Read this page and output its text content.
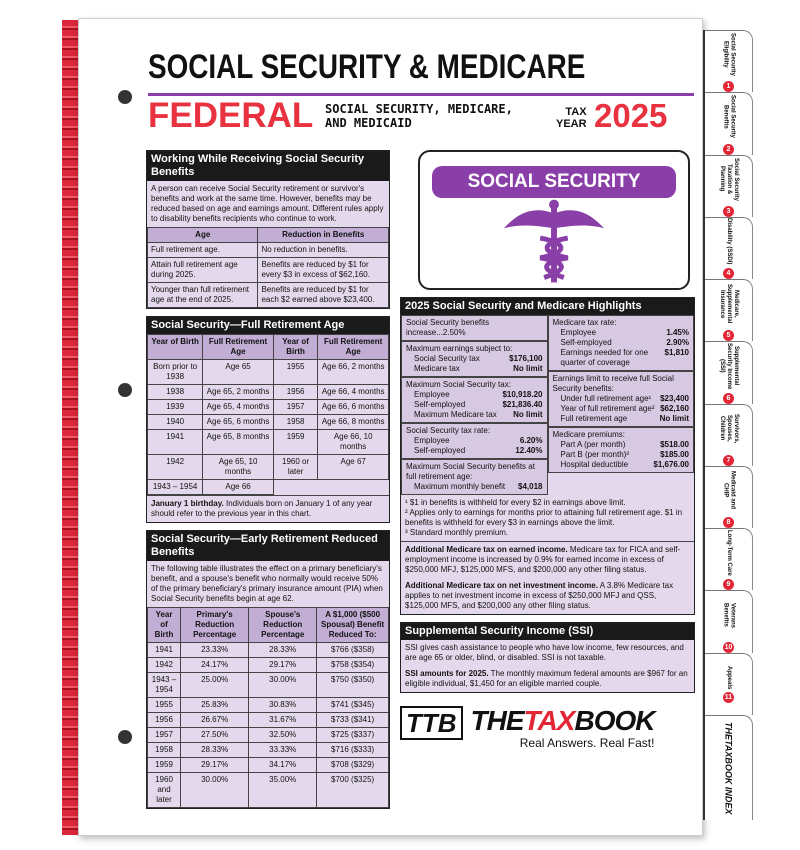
SOCIAL SECURITY & MEDICARE
FEDERAL SOCIAL SECURITY, MEDICARE,
AND MEDICAID
TAX
YEAR 2025
Working While Receiving Social Security Benefits
A person can receive Social Security retirement or survivor's benefits and work at the same time. However, benefits may be reduced based on age and earnings amount. Different rules apply to disability benefits recipients who continue to work.
Age	Reduction in Benefits
Full retirement age.	No reduction in benefits.
Attain full retirement age during 2025.	Benefits are reduced by $1 for every $3 in excess of $62,160.
Younger than full retirement age at the end of 2025.	Benefits are reduced by $1 for each $2 earned above $23,400.
Social Security—Full Retirement Age
Year of Birth	Full Retirement Age	Year of Birth	Full Retirement Age
Born prior to 1938	Age 65	1955	Age 66, 2 months
1938	Age 65, 2 months	1956	Age 66, 4 months
1939	Age 65, 4 months	1957	Age 66, 6 months
1940	Age 65, 6 months	1958	Age 66, 8 months
1941	Age 65, 8 months	1959	Age 66, 10 months
1942	Age 65, 10 months	1960 or later	Age 67
1943 – 1954	Age 66		
January 1 birthday. Individuals born on January 1 of any year should refer to the previous year in this chart.
Social Security—Early Retirement Reduced Benefits
The following table illustrates the effect on a primary beneficiary's benefit, and a spouse's benefit who normally would receive 50% of the primary beneficiary's primary insurance amount (PIA) when Social Security benefits begin at age 62.
Year of Birth	Primary's Reduction Percentage	Spouse's Reduction Percentage	A $1,000 ($500 Spousal) Benefit Reduced To:
1941	23.33%	28.33%	$766 ($358)
1942	24.17%	29.17%	$758 ($354)
1943 – 1954	25.00%	30.00%	$750 ($350)
1955	25.83%	30.83%	$741 ($345)
1956	26.67%	31.67%	$733 ($341)
1957	27.50%	32.50%	$725 ($337)
1958	28.33%	33.33%	$716 ($333)
1959	29.17%	34.17%	$708 ($329)
1960 and later	30.00%	35.00%	$700 ($325)
SOCIAL SECURITY
2025 Social Security and Medicare Highlights
Social Security benefits increase...2.50%
Maximum earnings subject to:
Social Security tax	$176,100
Medicare tax	No limit
Maximum Social Security tax:
Employee	$10,918.20
Self-employed	$21,836.40
Maximum Medicare tax No limit
Social Security tax rate:
Employee	6.20%
Self-employed	12.40%
Maximum Social Security benefits at full retirement age:
Maximum monthly benefit $4,018
Medicare tax rate:
Employee	1.45%
Self-employed	2.90%
Earnings needed for one quarter of coverage
$1,810
Earnings limit to receive full Social Security benefits:
Under full retirement age¹ $23,400
Year of full retirement age² $62,160
Full retirement age	No limit
Medicare premiums:
Part A (per month)	$518.00
Part B (per month)³	$185.00
Hospital deductible	$1,676.00
¹ $1 in benefits is withheld for every $2 in earnings above limit.
² Applies only to earnings for months prior to attaining full retirement age. $1 in benefits is withheld for every $3 in earnings above the limit.
³ Standard monthly premium.
Additional Medicare tax on earned income. Medicare tax for FICA and self-employment income is increased by 0.9% for earned income in excess of $250,000 MFJ, $125,000 MFS, and $200,000 any other filing status.
Additional Medicare tax on net investment income. A 3.8% Medicare tax applies to net investment income in excess of $250,000 MFJ and QSS, $125,000 MFS, and $200,000 any other filing status.
Supplemental Security Income (SSI)
SSI gives cash assistance to people who have low income, few resources, and are age 65 or older, blind, or disabled. SSI is not taxable.
SSI amounts for 2025. The monthly maximum federal amounts are $967 for an eligible individual, $1,450 for an eligible married couple.
TTB THETAXBOOK
Real Answers. Real Fast!
Social Security Eligibility
1
Social Security Benefits
2
Social Security Taxation & Planning
3
Disability (SSDI)
4
Medicare, Supplemental Insurance
5
Supplemental Security Income (SSI)
6
Survivors, Spouses, Children
7
Medicaid and CHIP
8
Long-Term Care
9
Veterans Benefits
10
Appeals
11
THETAXBOOK INDEX
